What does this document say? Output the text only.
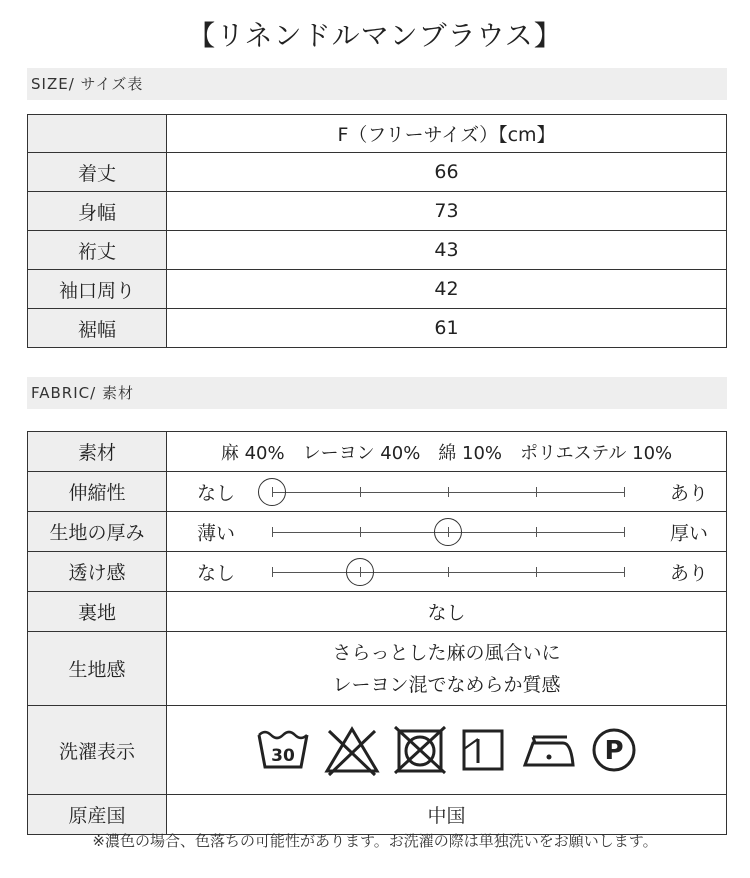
【リネンドルマンブラウス】
SIZE/ サイズ表
	F（フリーサイズ）【cm】
着丈	66
身幅	73
裄丈	43
袖口周り	42
裾幅	61
FABRIC/ 素材
素材	麻 40%　レーヨン 40%　綿 10%　ポリエステル 10%
伸縮性	なし あり

生地の厚み	薄い 厚い

透け感	なし あり

裏地	なし
生地感	さらっとした麻の風合いに
レーヨン混でなめらか質感

洗濯表示	30 P

原産国	中国
※濃色の場合、色落ちの可能性があります。お洗濯の際は単独洗いをお願いします。
